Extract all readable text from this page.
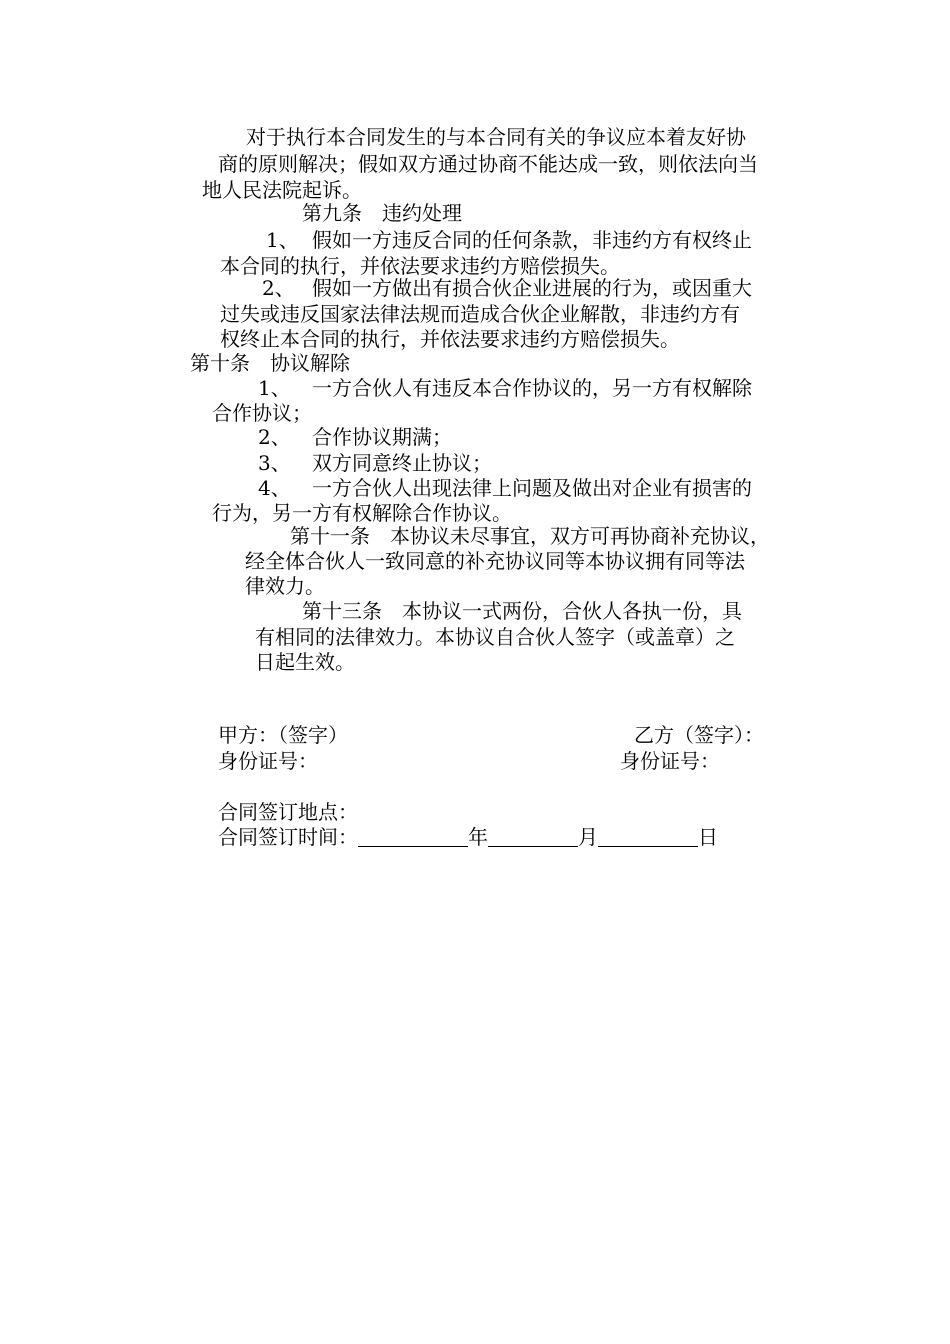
对于执行本合同发生的与本合同有关的争议应本着友好协
商的原则解决；假如双方通过协商不能达成一致，则依法向当
地人民法院起诉。
第九条　违约处理
1、 假如一方违反合同的任何条款，非违约方有权终止
本合同的执行，并依法要求违约方赔偿损失。
2、 假如一方做出有损合伙企业进展的行为，或因重大
过失或违反国家法律法规而造成合伙企业解散，非违约方有
权终止本合同的执行，并依法要求违约方赔偿损失。
第十条　协议解除
1、 一方合伙人有违反本合作协议的，另一方有权解除
合作协议；
2、 合作协议期满；
3、 双方同意终止协议；
4、 一方合伙人出现法律上问题及做出对企业有损害的
行为，另一方有权解除合作协议。
第十一条　本协议未尽事宜，双方可再协商补充协议，
经全体合伙人一致同意的补充协议同等本协议拥有同等法
律效力。
第十三条　本协议一式两份，合伙人各执一份，具
有相同的法律效力。本协议自合伙人签字（或盖章）之
日起生效。
甲方：（签字）	乙方（签字）：
身份证号：	身份证号：
合同签订地点：
合同签订时间：	年	月	日
